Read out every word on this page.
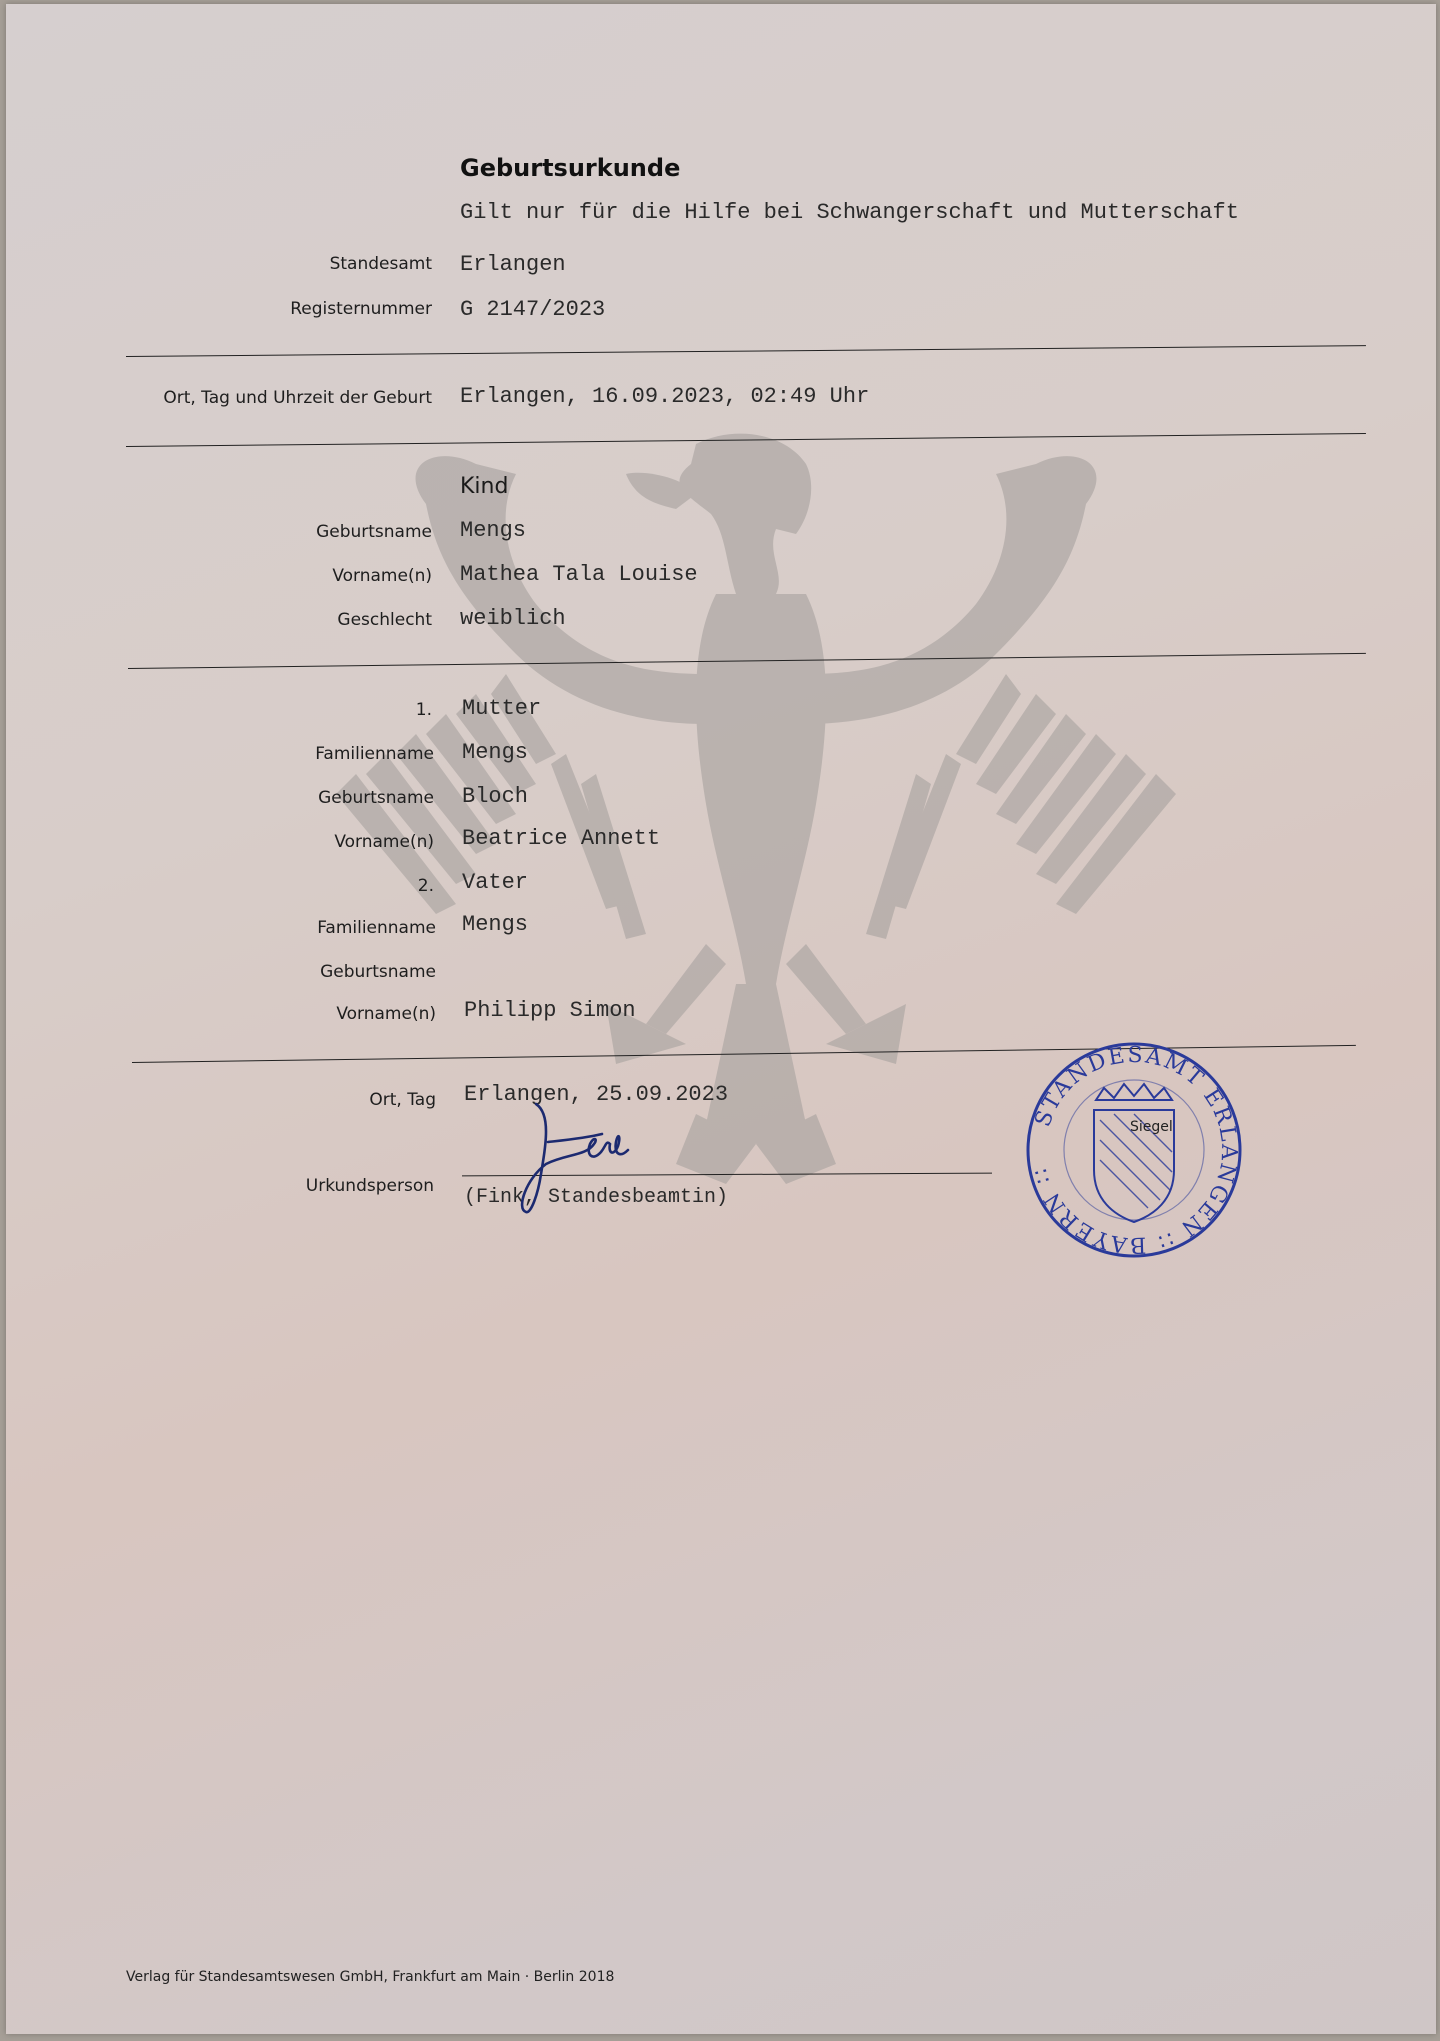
Geburtsurkunde
Gilt nur für die Hilfe bei Schwangerschaft und Mutterschaft
Standesamt Erlangen
Registernummer G 2147/2023
Ort, Tag und Uhrzeit der Geburt Erlangen, 16.09.2023, 02:49 Uhr
Kind
Geburtsname Mengs
Vorname(n) Mathea Tala Louise
Geschlecht weiblich
1. Mutter
Familienname Mengs
Geburtsname Bloch
Vorname(n) Beatrice Annett
2. Vater
Familienname Mengs
Geburtsname
Vorname(n) Philipp Simon
Ort, Tag Erlangen, 25.09.2023
Urkundsperson (Fink, Standesbeamtin)
STANDESAMT ERLANGEN ∷ BAYERN ∷
Siegel
Verlag für Standesamtswesen GmbH, Frankfurt am Main · Berlin 2018
